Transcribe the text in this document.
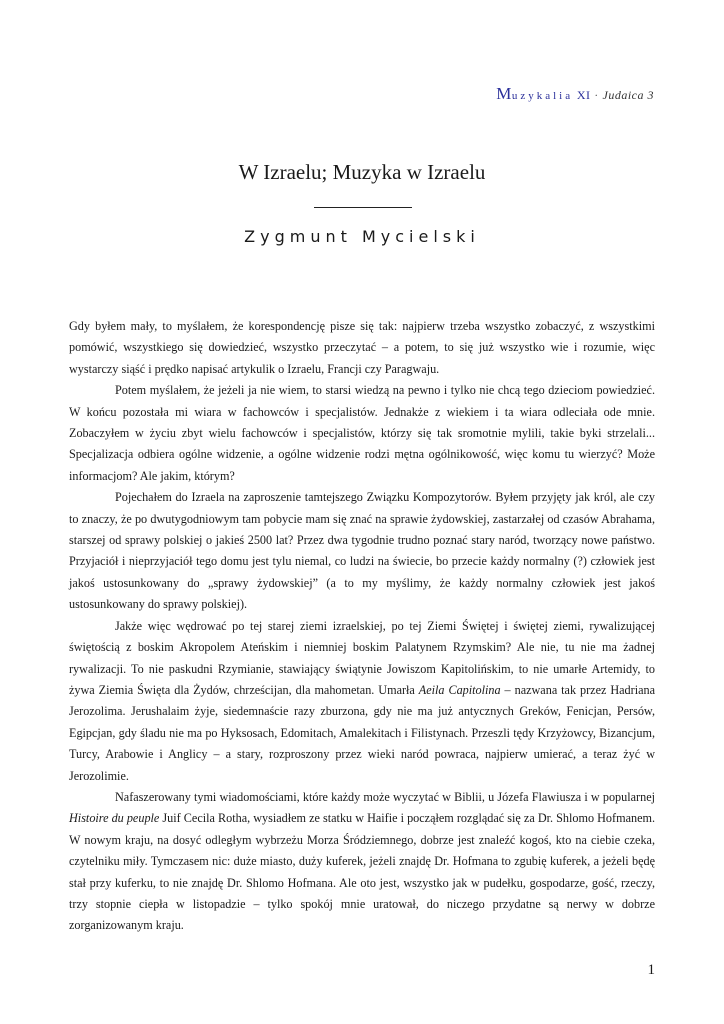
Muzykalia XI · Judaica 3
W Izraelu; Muzyka w Izraelu
Zygmunt Mycielski

Gdy byłem mały, to myślałem, że korespondencję pisze się tak: najpierw trzeba wszystko zobaczyć, z wszystkimi pomówić, wszystkiego się dowiedzieć, wszystko przeczytać – a potem, to się już wszystko wie i rozumie, więc wystarczy siąść i prędko napisać artykulik o Izraelu, Francji czy Paragwaju.

Potem myślałem, że jeżeli ja nie wiem, to starsi wiedzą na pewno i tylko nie chcą tego dzieciom powiedzieć. W końcu pozostała mi wiara w fachowców i specjalistów. Jednakże z wiekiem i ta wiara odleciała ode mnie. Zobaczyłem w życiu zbyt wielu fachowców i specjalistów, którzy się tak sromotnie mylili, takie byki strzelali... Specjalizacja odbiera ogólne widzenie, a ogólne widzenie rodzi mętna ogólnikowość, więc komu tu wierzyć? Może informacjom? Ale jakim, którym?

Pojechałem do Izraela na zaproszenie tamtejszego Związku Kompozytorów. Byłem przyjęty jak król, ale czy to znaczy, że po dwutygodniowym tam pobycie mam się znać na sprawie żydowskiej, zastarzałej od czasów Abrahama, starszej od sprawy polskiej o jakieś 2500 lat? Przez dwa tygodnie trudno poznać stary naród, tworzący nowe państwo. Przyjaciół i nieprzyjaciół tego domu jest tylu niemal, co ludzi na świecie, bo przecie każdy normalny (?) człowiek jest jakoś ustosunkowany do „sprawy żydowskiej” (a to my myślimy, że każdy normalny człowiek jest jakoś ustosunkowany do sprawy polskiej).

Jakże więc wędrować po tej starej ziemi izraelskiej, po tej Ziemi Świętej i świętej ziemi, rywalizującej świętością z boskim Akropolem Ateńskim i niemniej boskim Palatynem Rzymskim? Ale nie, tu nie ma żadnej rywalizacji. To nie paskudni Rzymianie, stawiający świątynie Jowiszom Kapitolińskim, to nie umarłe Artemidy, to żywa Ziemia Święta dla Żydów, chrześcijan, dla mahometan. Umarła Aeila Capitolina – nazwana tak przez Hadriana Jerozolima. Jerushalaim żyje, siedemnaście razy zburzona, gdy nie ma już antycznych Greków, Fenicjan, Persów, Egipcjan, gdy śladu nie ma po Hyksosach, Edomitach, Amalekitach i Filistynach. Przeszli tędy Krzyżowcy, Bizancjum, Turcy, Arabowie i Anglicy – a stary, rozproszony przez wieki naród powraca, najpierw umierać, a teraz żyć w Jerozolimie.

Nafaszerowany tymi wiadomościami, które każdy może wyczytać w Biblii, u Józefa Flawiusza i w popularnej Histoire du peuple Juif Cecila Rotha, wysiadłem ze statku w Haifie i począłem rozglądać się za Dr. Shlomo Hofmanem. W nowym kraju, na dosyć odległym wybrzeżu Morza Śródziemnego, dobrze jest znaleźć kogoś, kto na ciebie czeka, czytelniku miły. Tymczasem nic: duże miasto, duży kuferek, jeżeli znajdę Dr. Hofmana to zgubię kuferek, a jeżeli będę stał przy kuferku, to nie znajdę Dr. Shlomo Hofmana. Ale oto jest, wszystko jak w pudełku, gospodarze, gość, rzeczy, trzy stopnie ciepła w listopadzie – tylko spokój mnie uratował, do niczego przydatne są nerwy w dobrze zorganizowanym kraju.

1
